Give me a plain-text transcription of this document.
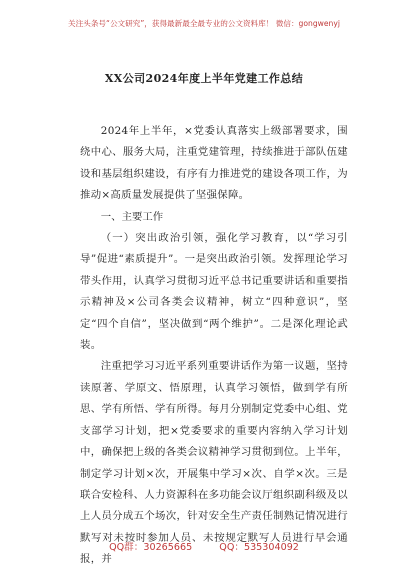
关注头条号“公文研究”，获得最新最全最专业的公文资料库！ 微信：gongwenyj
XX公司2024年度上半年党建工作总结

2024年上半年，×党委认真落实上级部署要求，围绕中心、服务大局，注重党建管理，持续推进于部队伍建设和基层组织建设，有序有力推进党的建设各项工作，为推动×高质量发展提供了坚强保障。

一、主要工作

（一）突出政治引领，强化学习教育，以“学习引导”促进“素质提升”。一是突出政治引领。发挥理论学习带头作用，认真学习贯彻习近平总书记重要讲话和重要指示精神及×公司各类会议精神，树立“四种意识”，坚定“四个自信”，坚决做到“两个维护”。二是深化理论武装。

注重把学习习近平系列重要讲话作为第一议题，坚持读原著、学原文、悟原理，认真学习领悟，做到学有所思、学有所悟、学有所得。每月分别制定党委中心组、党支部学习计划，把×党委要求的重要内容纳入学习计划中，确保把上级的各类会议精神学习贯彻到位。上半年，制定学习计划×次，开展集中学习×次、自学×次。三是联合安检科、人力资源科在多功能会议厅组织副科级及以上人员分成五个场次，针对安全生产责任制熟记情况进行默写对未按时参加人员、未按规定默写人员进行早会通报，并

QQ群：30265665	QQ：535304092
